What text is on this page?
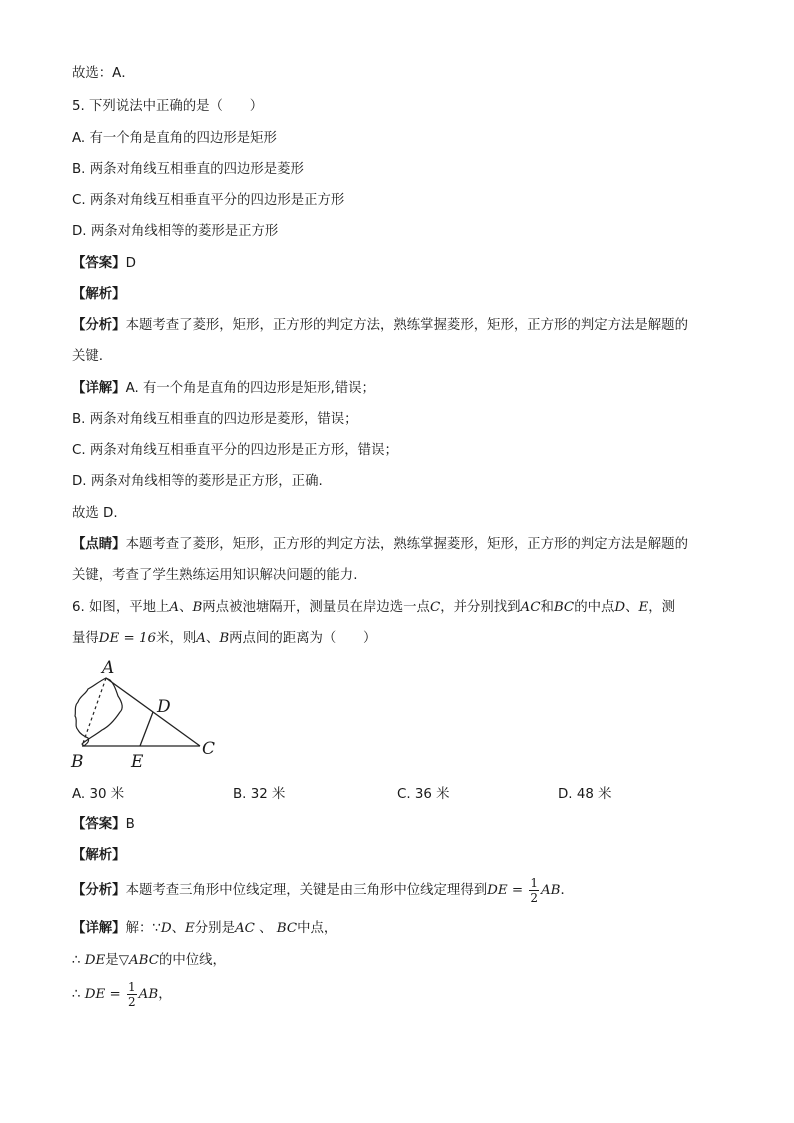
故选：A．
5. 下列说法中正确的是（　　）
A. 有一个角是直角的四边形是矩形
B. 两条对角线互相垂直的四边形是菱形
C. 两条对角线互相垂直平分的四边形是正方形
D. 两条对角线相等的菱形是正方形
【答案】D
【解析】
【分析】本题考查了菱形，矩形，正方形的判定方法，熟练掌握菱形，矩形，正方形的判定方法是解题的
关键.
【详解】A. 有一个角是直角的四边形是矩形,错误；
B. 两条对角线互相垂直的四边形是菱形，错误；
C. 两条对角线互相垂直平分的四边形是正方形，错误；
D. 两条对角线相等的菱形是正方形，正确.
故选 D.
【点睛】本题考查了菱形，矩形，正方形的判定方法，熟练掌握菱形，矩形，正方形的判定方法是解题的
关键，考查了学生熟练运用知识解决问题的能力.
6. 如图，平地上A、B两点被池塘隔开，测量员在岸边选一点C，并分别找到AC和BC的中点D、E，测
量得DE = 16米，则A、B两点间的距离为（　　）
A
B
C
D
E
A. 30 米	B. 32 米	C. 36 米	D. 48 米
【答案】B
【解析】
【分析】本题考查三角形中位线定理，关键是由三角形中位线定理得到DE = $\frac{1}{2}$ AB．
【详解】解：∵D、E分别是AC 、 BC中点，
∴ DE是▽ABC的中位线，
∴ DE = $\frac{1}{2}$ AB，
